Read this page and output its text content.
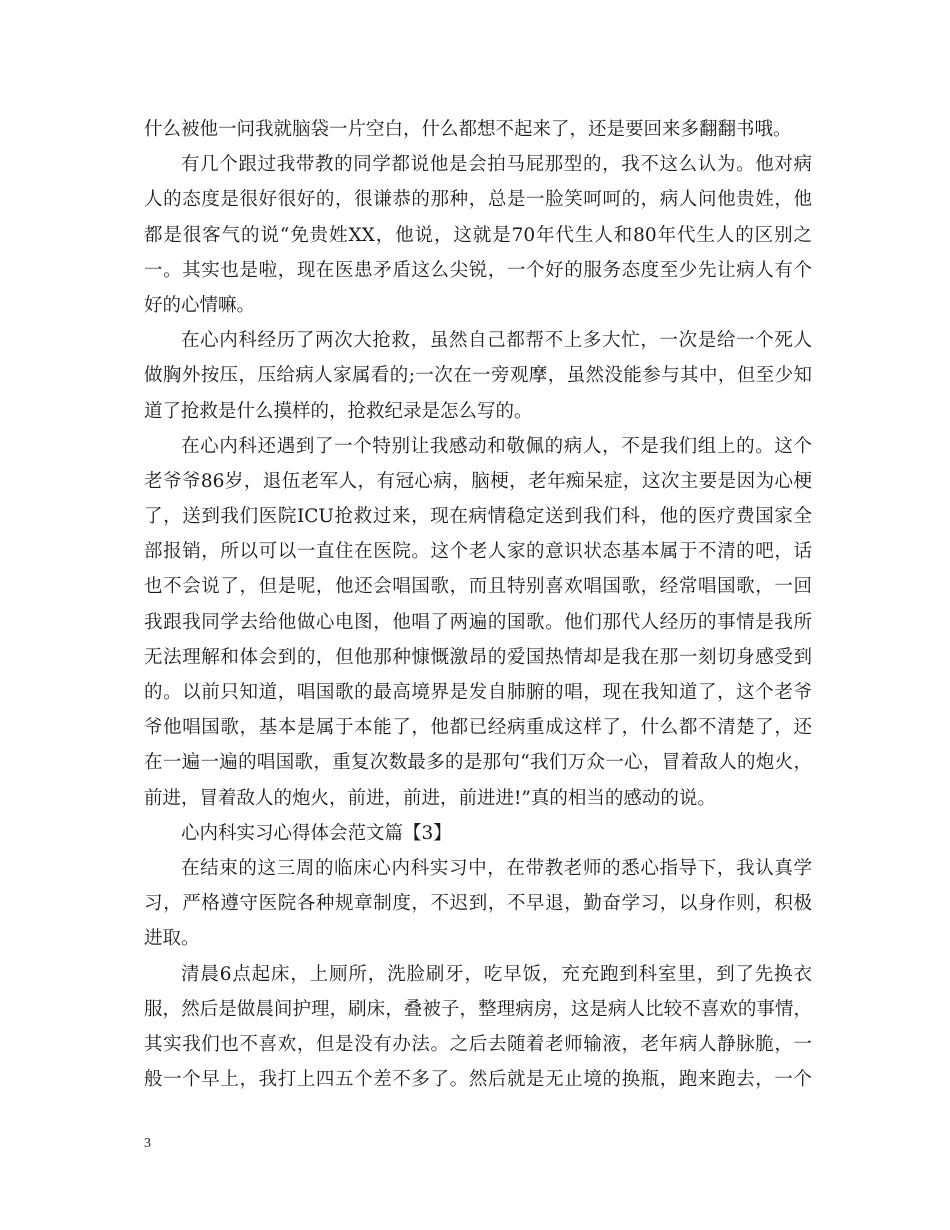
什么被他一问我就脑袋一片空白，什么都想不起来了，还是要回来多翻翻书哦。
有几个跟过我带教的同学都说他是会拍马屁那型的，我不这么认为。他对病
人的态度是很好很好的，很谦恭的那种，总是一脸笑呵呵的，病人问他贵姓，他
都是很客气的说“免贵姓XX，他说，这就是70年代生人和80年代生人的区别之
一。其实也是啦，现在医患矛盾这么尖锐，一个好的服务态度至少先让病人有个
好的心情嘛。
在心内科经历了两次大抢救，虽然自己都帮不上多大忙，一次是给一个死人
做胸外按压，压给病人家属看的;一次在一旁观摩，虽然没能参与其中，但至少知
道了抢救是什么摸样的，抢救纪录是怎么写的。
在心内科还遇到了一个特别让我感动和敬佩的病人，不是我们组上的。这个
老爷爷86岁，退伍老军人，有冠心病，脑梗，老年痴呆症，这次主要是因为心梗
了，送到我们医院ICU抢救过来，现在病情稳定送到我们科，他的医疗费国家全
部报销，所以可以一直住在医院。这个老人家的意识状态基本属于不清的吧，话
也不会说了，但是呢，他还会唱国歌，而且特别喜欢唱国歌，经常唱国歌，一回
我跟我同学去给他做心电图，他唱了两遍的国歌。他们那代人经历的事情是我所
无法理解和体会到的，但他那种慷慨激昂的爱国热情却是我在那一刻切身感受到
的。以前只知道，唱国歌的最高境界是发自肺腑的唱，现在我知道了，这个老爷
爷他唱国歌，基本是属于本能了，他都已经病重成这样了，什么都不清楚了，还
在一遍一遍的唱国歌，重复次数最多的是那句“我们万众一心，冒着敌人的炮火，
前进，冒着敌人的炮火，前进，前进，前进进!”真的相当的感动的说。
心内科实习心得体会范文篇【3】
在结束的这三周的临床心内科实习中，在带教老师的悉心指导下，我认真学
习，严格遵守医院各种规章制度，不迟到，不早退，勤奋学习，以身作则，积极
进取。
清晨6点起床，上厕所，洗脸刷牙，吃早饭，充充跑到科室里，到了先换衣
服，然后是做晨间护理，刷床，叠被子，整理病房，这是病人比较不喜欢的事情，
其实我们也不喜欢，但是没有办法。之后去随着老师输液，老年病人静脉脆，一
般一个早上，我打上四五个差不多了。然后就是无止境的换瓶，跑来跑去，一个
3
